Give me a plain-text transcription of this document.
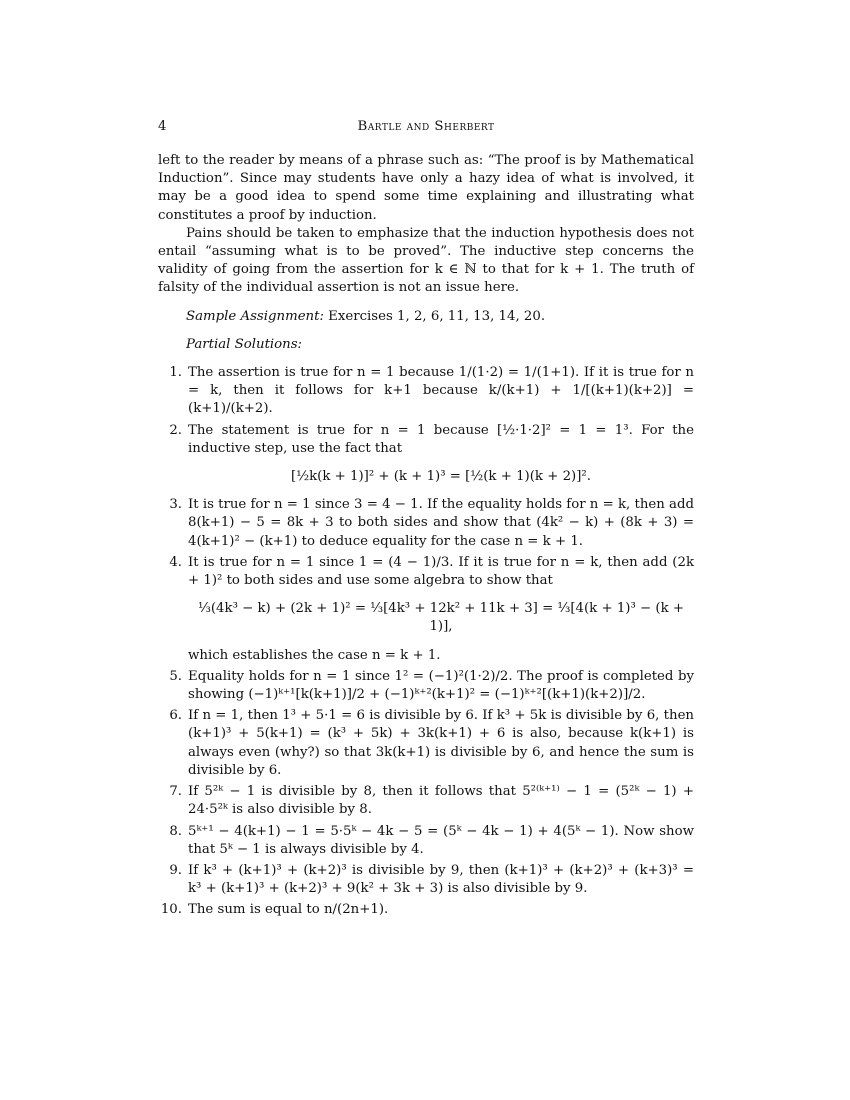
4	Bartle and Sherbert

left to the reader by means of a phrase such as: “The proof is by Mathematical Induction”. Since may students have only a hazy idea of what is involved, it may be a good idea to spend some time explaining and illustrating what constitutes a proof by induction.

Pains should be taken to emphasize that the induction hypothesis does not entail “assuming what is to be proved”. The inductive step concerns the validity of going from the assertion for k ∈ ℕ to that for k + 1. The truth of falsity of the individual assertion is not an issue here.

Sample Assignment: Exercises 1, 2, 6, 11, 13, 14, 20.

Partial Solutions:

1. The assertion is true for n = 1 because 1/(1·2) = 1/(1+1). If it is true for n = k, then it follows for k+1 because k/(k+1) + 1/[(k+1)(k+2)] = (k+1)/(k+2).
2. The statement is true for n = 1 because [½·1·2]² = 1 = 1³. For the inductive step, use the fact that
[½k(k + 1)]² + (k + 1)³ = [½(k + 1)(k + 2)]².
3. It is true for n = 1 since 3 = 4 − 1. If the equality holds for n = k, then add 8(k+1) − 5 = 8k + 3 to both sides and show that (4k² − k) + (8k + 3) = 4(k+1)² − (k+1) to deduce equality for the case n = k + 1.
4. It is true for n = 1 since 1 = (4 − 1)/3. If it is true for n = k, then add (2k + 1)² to both sides and use some algebra to show that
⅓(4k³ − k) + (2k + 1)² = ⅓[4k³ + 12k² + 11k + 3] = ⅓[4(k + 1)³ − (k + 1)],
which establishes the case n = k + 1.
5. Equality holds for n = 1 since 1² = (−1)²(1·2)/2. The proof is completed by showing (−1)ᵏ⁺¹[k(k+1)]/2 + (−1)ᵏ⁺²(k+1)² = (−1)ᵏ⁺²[(k+1)(k+2)]/2.
6. If n = 1, then 1³ + 5·1 = 6 is divisible by 6. If k³ + 5k is divisible by 6, then (k+1)³ + 5(k+1) = (k³ + 5k) + 3k(k+1) + 6 is also, because k(k+1) is always even (why?) so that 3k(k+1) is divisible by 6, and hence the sum is divisible by 6.
7. If 5²ᵏ − 1 is divisible by 8, then it follows that 5²⁽ᵏ⁺¹⁾ − 1 = (5²ᵏ − 1) + 24·5²ᵏ is also divisible by 8.
8. 5ᵏ⁺¹ − 4(k+1) − 1 = 5·5ᵏ − 4k − 5 = (5ᵏ − 4k − 1) + 4(5ᵏ − 1). Now show that 5ᵏ − 1 is always divisible by 4.
9. If k³ + (k+1)³ + (k+2)³ is divisible by 9, then (k+1)³ + (k+2)³ + (k+3)³ = k³ + (k+1)³ + (k+2)³ + 9(k² + 3k + 3) is also divisible by 9.
10. The sum is equal to n/(2n+1).
